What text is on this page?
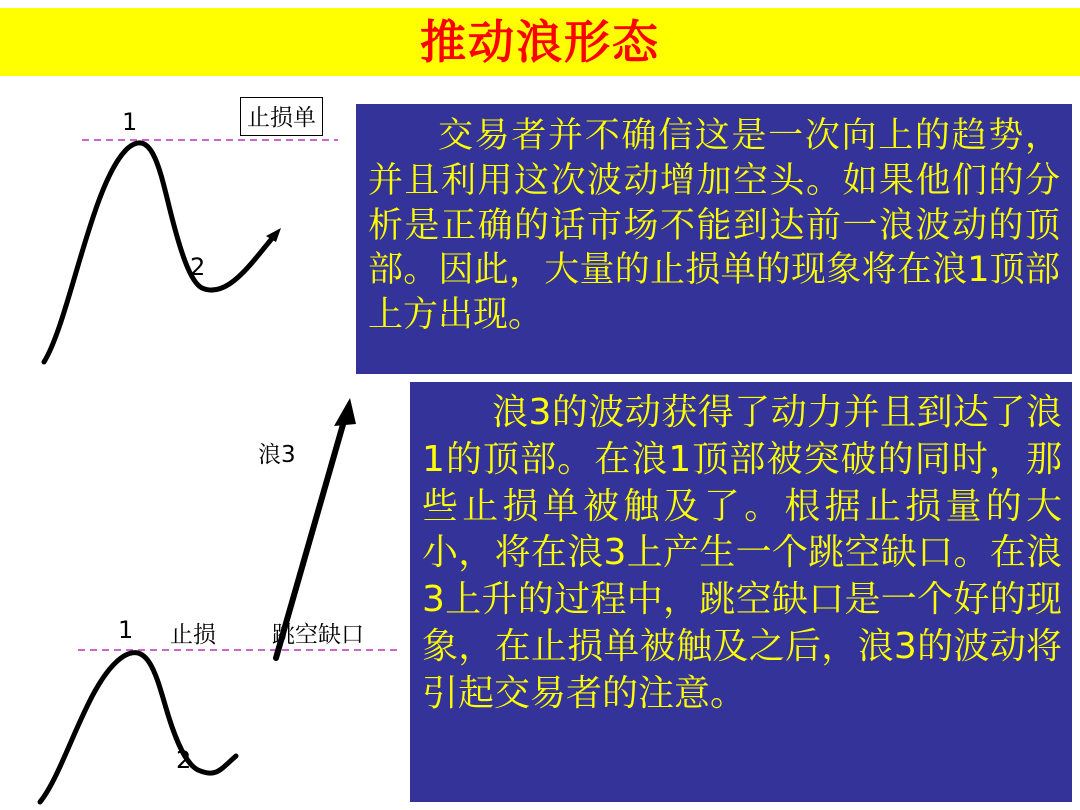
推动浪形态
1
2
止损单
1
2
止损 跳空缺口
浪3
交易者并不确信这是一次向上的趋势，并且利用这次波动增加空头。如果他们的分析是正确的话市场不能到达前一浪波动的顶部。因此，大量的止损单的现象将在浪1顶部上方出现。
浪3的波动获得了动力并且到达了浪1的顶部。在浪1顶部被突破的同时，那些止损单被触及了。根据止损量的大小，将在浪3上产生一个跳空缺口。在浪3上升的过程中，跳空缺口是一个好的现象，在止损单被触及之后，浪3的波动将引起交易者的注意。
